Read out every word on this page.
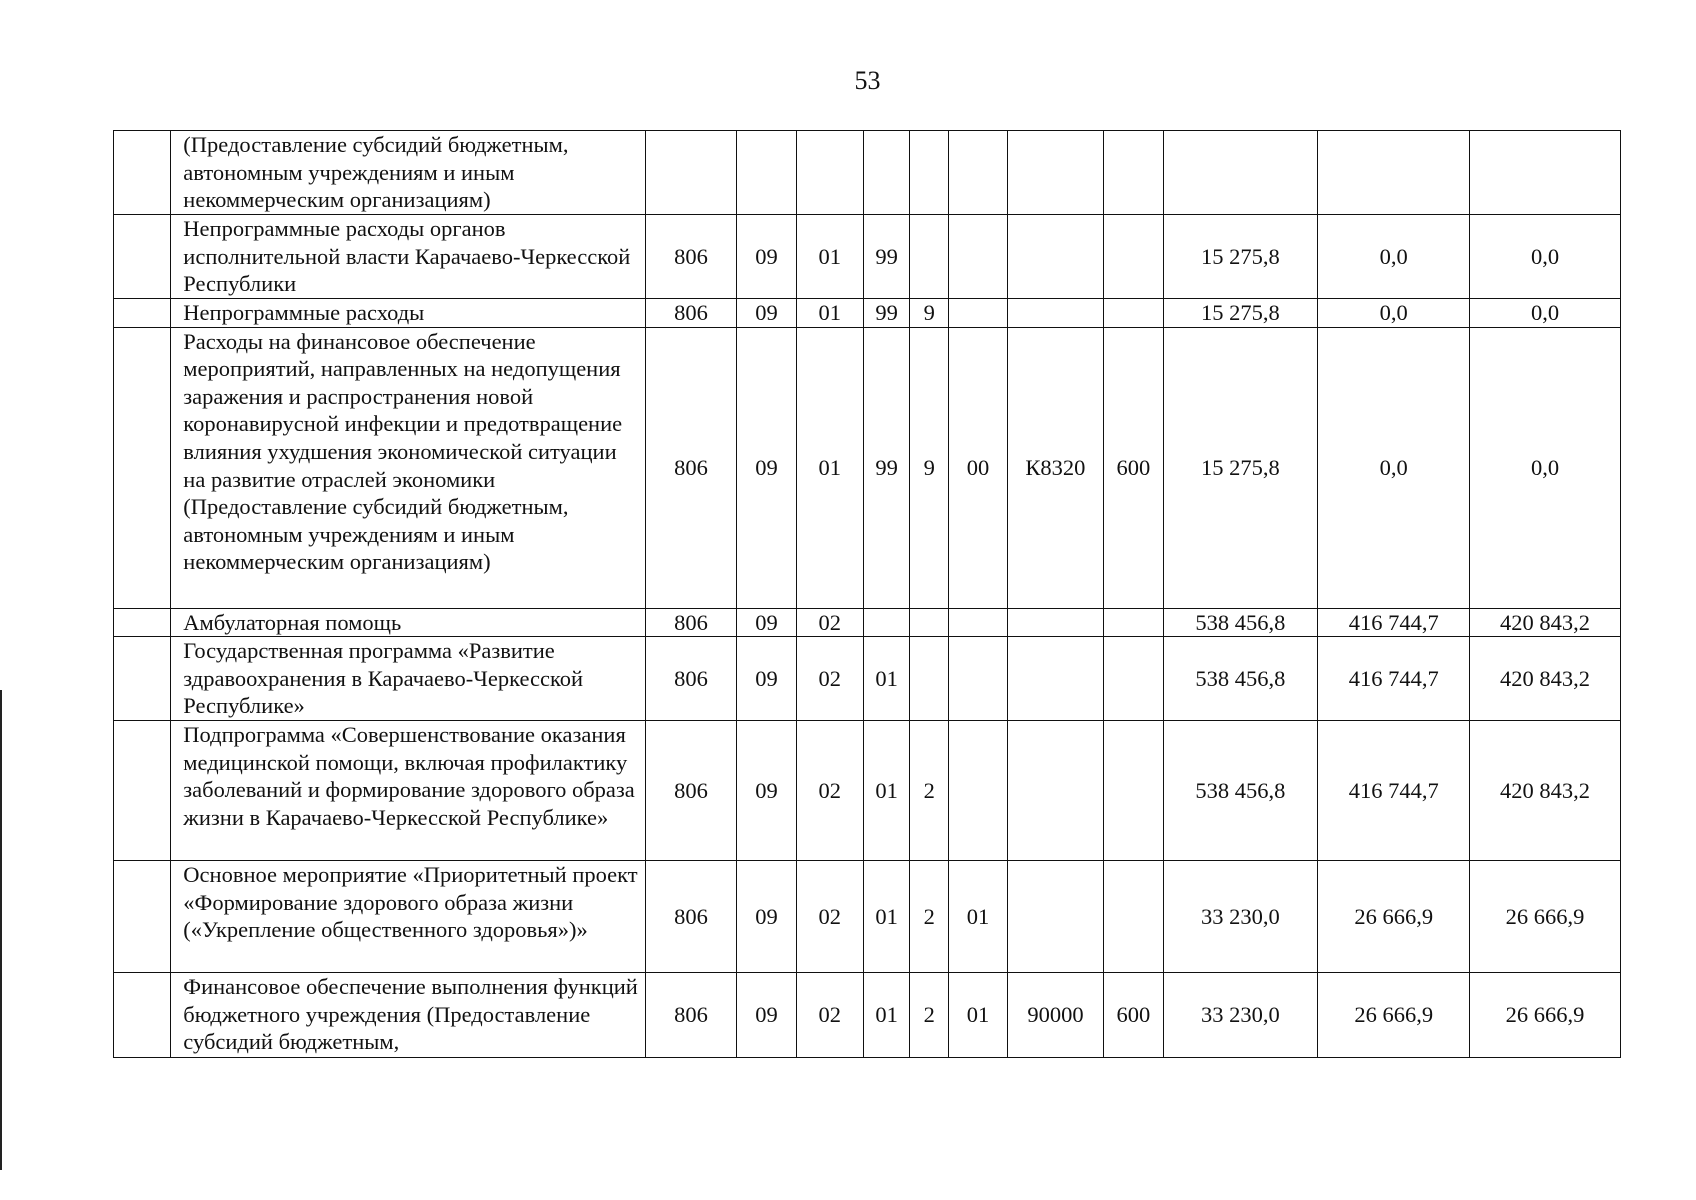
53
	(Предоставление субсидий бюджетным, автономным учреждениям и иным некоммерческим организациям)											
	Непрограммные расходы органов исполнительной власти Карачаево-Черкесской Республики	806	09	01	99					15 275,8	0,0	0,0
	Непрограммные расходы	806	09	01	99	9				15 275,8	0,0	0,0
	Расходы на финансовое обеспечение мероприятий, направленных на недопущения заражения и распространения новой коронавирусной инфекции и предотвращение влияния ухудшения экономической ситуации на развитие отраслей экономики (Предоставление субсидий бюджетным, автономным учреждениям и иным некоммерческим организациям)	806	09	01	99	9	00	К8320	600	15 275,8	0,0	0,0
	Амбулаторная помощь	806	09	02						538 456,8	416 744,7	420 843,2
	Государственная программа «Развитие здравоохранения в Карачаево-Черкесской Республике»	806	09	02	01					538 456,8	416 744,7	420 843,2
	Подпрограмма «Совершенствование оказания медицинской помощи, включая профилактику заболеваний и формирование здорового образа жизни в Карачаево-Черкесской Республике»	806	09	02	01	2				538 456,8	416 744,7	420 843,2
	Основное мероприятие «Приоритетный проект «Формирование здорового образа жизни («Укрепление общественного здоровья»)»	806	09	02	01	2	01			33 230,0	26 666,9	26 666,9
	Финансовое обеспечение выполнения функций бюджетного учреждения (Предоставление субсидий бюджетным,	806	09	02	01	2	01	90000	600	33 230,0	26 666,9	26 666,9
